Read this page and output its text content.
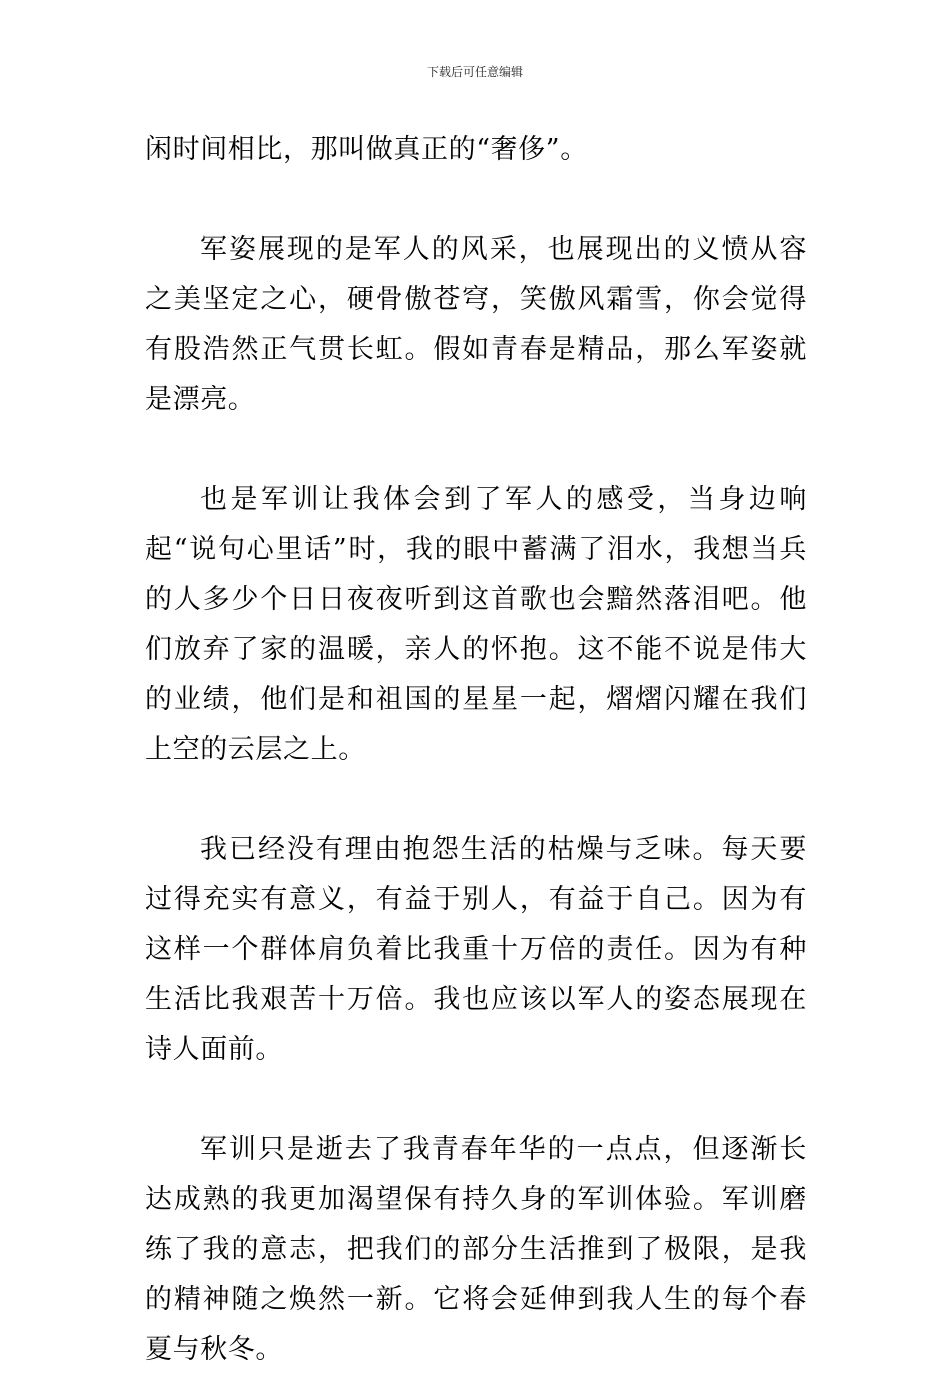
下载后可任意编辑

闲时间相比，那叫做真正的“奢侈”。

军姿展现的是军人的风采，也展现出的义愤从容之美坚定之心，硬骨傲苍穹，笑傲风霜雪，你会觉得有股浩然正气贯长虹。假如青春是精品，那么军姿就是漂亮。

也是军训让我体会到了军人的感受，当身边响起“说句心里话”时，我的眼中蓄满了泪水，我想当兵的人多少个日日夜夜听到这首歌也会黯然落泪吧。他们放弃了家的温暖，亲人的怀抱。这不能不说是伟大的业绩，他们是和祖国的星星一起，熠熠闪耀在我们上空的云层之上。

我已经没有理由抱怨生活的枯燥与乏味。每天要过得充实有意义，有益于别人，有益于自己。因为有这样一个群体肩负着比我重十万倍的责任。因为有种生活比我艰苦十万倍。我也应该以军人的姿态展现在诗人面前。

军训只是逝去了我青春年华的一点点，但逐渐长达成熟的我更加渴望保有持久身的军训体验。军训磨练了我的意志，把我们的部分生活推到了极限，是我的精神随之焕然一新。它将会延伸到我人生的每个春夏与秋冬。
